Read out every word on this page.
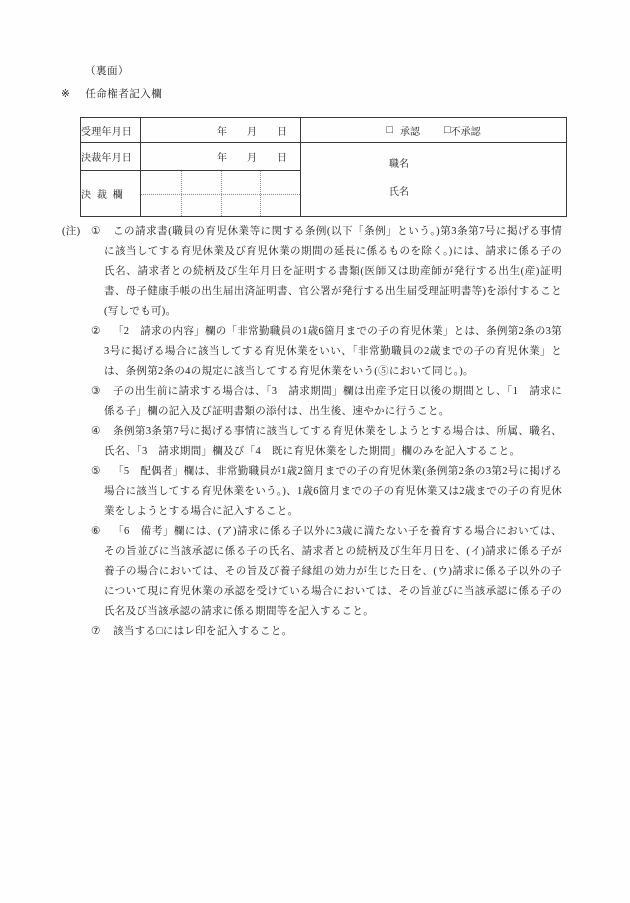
（裏面）
※ 任命権者記入欄
受理年月日	年 月 日	□ 承認 □ 不承認

決裁年月日	年 月 日	職名
氏名

決 裁 欄		
(注) ①	この請求書(職員の育児休業等に関する条例(以下「条例」という。)第3条第7号に掲げる事情に該当してする育児休業及び育児休業の期間の延長に係るものを除く。)には、請求に係る子の氏名、請求者との続柄及び生年月日を証明する書類(医師又は助産師が発行する出生(産)証明書、母子健康手帳の出生届出済証明書、官公署が発行する出生届受理証明書等)を添付すること(写しでも可)。
②	「2　請求の内容」欄の「非常勤職員の1歳6箇月までの子の育児休業」とは、条例第2条の3第3号に掲げる場合に該当してする育児休業をいい、「非常勤職員の2歳までの子の育児休業」とは、条例第2条の4の規定に該当してする育児休業をいう(⑤において同じ。)。
③	子の出生前に請求する場合は、「3　請求期間」欄は出産予定日以後の期間とし、「1　請求に係る子」欄の記入及び証明書類の添付は、出生後、速やかに行うこと。
④	条例第3条第7号に掲げる事情に該当してする育児休業をしようとする場合は、所属、職名、氏名、「3　請求期間」欄及び「4　既に育児休業をした期間」欄のみを記入すること。
⑤	「5　配偶者」欄は、非常勤職員が1歳2箇月までの子の育児休業(条例第2条の3第2号に掲げる場合に該当してする育児休業をいう。)、1歳6箇月までの子の育児休業又は2歳までの子の育児休業をしようとする場合に記入すること。
⑥	「6　備考」欄には、(ア)請求に係る子以外に3歳に満たない子を養育する場合においては、その旨並びに当該承認に係る子の氏名、請求者との続柄及び生年月日を、(イ)請求に係る子が養子の場合においては、その旨及び養子縁組の効力が生じた日を、(ウ)請求に係る子以外の子について現に育児休業の承認を受けている場合においては、その旨並びに当該承認に係る子の氏名及び当該承認の請求に係る期間等を記入すること。
⑦	該当する□にはレ印を記入すること。
